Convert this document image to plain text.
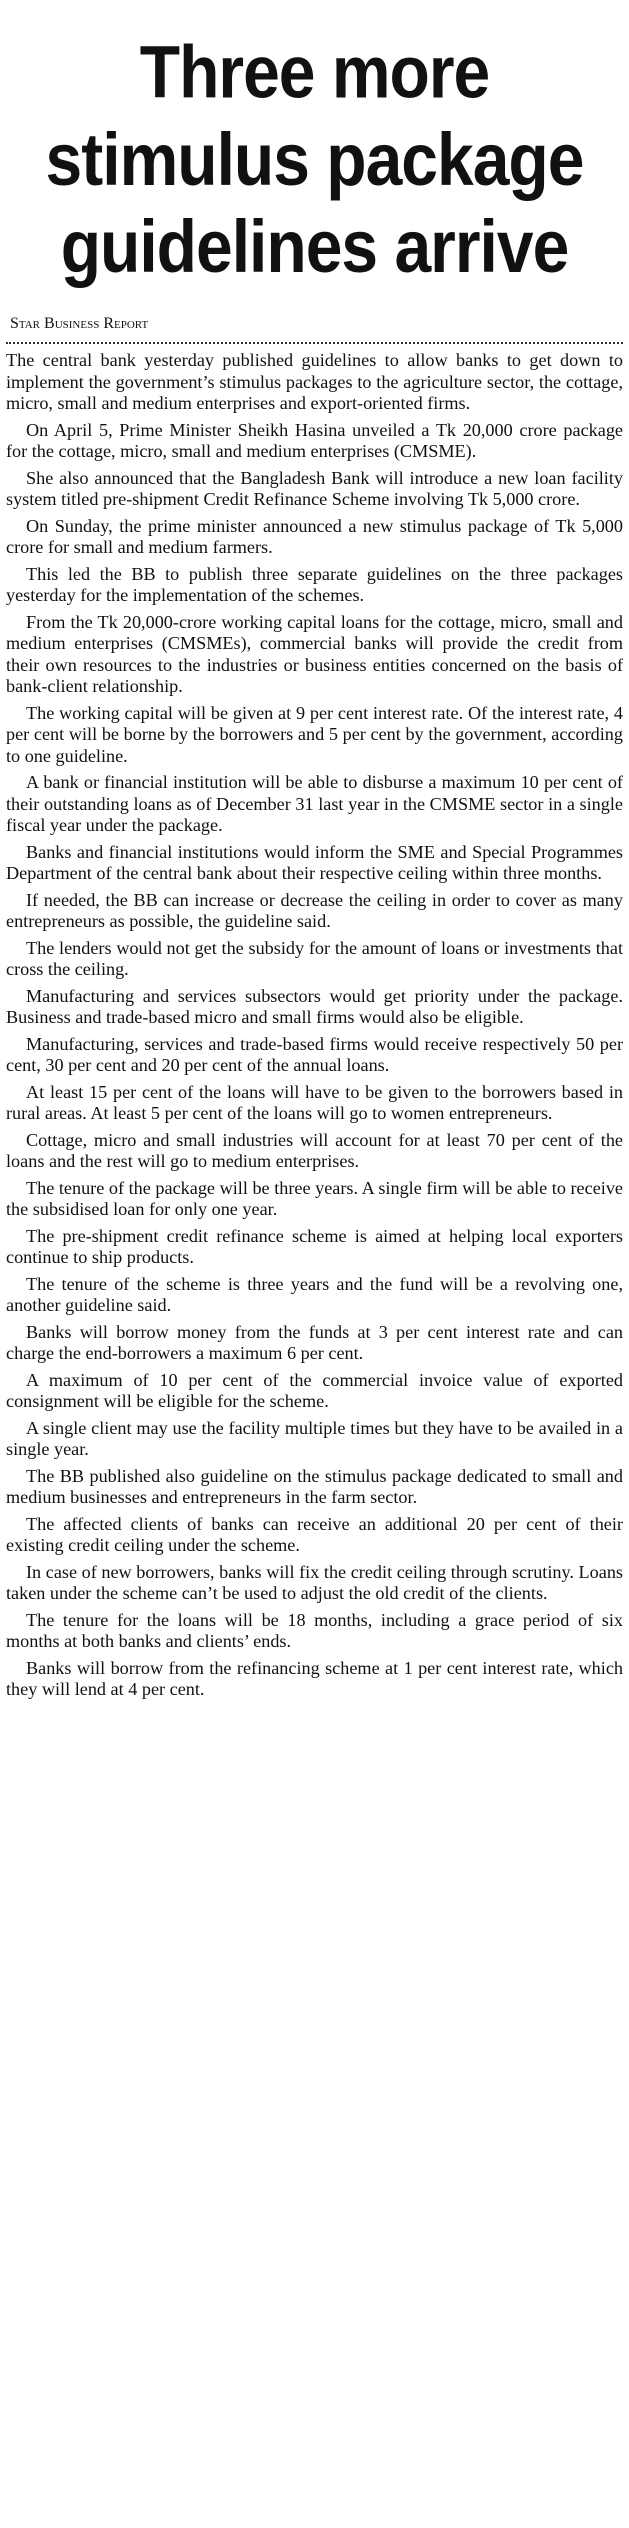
Three more stimulus package guidelines arrive
Star Business Report

The central bank yesterday published guidelines to allow banks to get down to implement the government’s stimulus packages to the agriculture sector, the cottage, micro, small and medium enterprises and export-oriented firms.

On April 5, Prime Minister Sheikh Hasina unveiled a Tk 20,000 crore package for the cottage, micro, small and medium enterprises (CMSME).

She also announced that the Bangladesh Bank will introduce a new loan facility system titled pre-shipment Credit Refinance Scheme involving Tk 5,000 crore.

On Sunday, the prime minister announced a new stimulus package of Tk 5,000 crore for small and medium farmers.

This led the BB to publish three separate guidelines on the three packages yesterday for the implementation of the schemes.

From the Tk 20,000-crore working capital loans for the cottage, micro, small and medium enterprises (CMSMEs), commercial banks will provide the credit from their own resources to the industries or business entities concerned on the basis of bank-client relationship.

The working capital will be given at 9 per cent interest rate. Of the interest rate, 4 per cent will be borne by the borrowers and 5 per cent by the government, according to one guideline.

A bank or financial institution will be able to disburse a maximum 10 per cent of their outstanding loans as of December 31 last year in the CMSME sector in a single fiscal year under the package.

Banks and financial institutions would inform the SME and Special Programmes Department of the central bank about their respective ceiling within three months.

If needed, the BB can increase or decrease the ceiling in order to cover as many entrepreneurs as possible, the guideline said.

The lenders would not get the subsidy for the amount of loans or investments that cross the ceiling.

Manufacturing and services subsectors would get priority under the package. Business and trade-based micro and small firms would also be eligible.

Manufacturing, services and trade-based firms would receive respectively 50 per cent, 30 per cent and 20 per cent of the annual loans.

At least 15 per cent of the loans will have to be given to the borrowers based in rural areas. At least 5 per cent of the loans will go to women entrepreneurs.

Cottage, micro and small industries will account for at least 70 per cent of the loans and the rest will go to medium enterprises.

The tenure of the package will be three years. A single firm will be able to receive the subsidised loan for only one year.

The pre-shipment credit refinance scheme is aimed at helping local exporters continue to ship products.

The tenure of the scheme is three years and the fund will be a revolving one, another guideline said.

Banks will borrow money from the funds at 3 per cent interest rate and can charge the end-borrowers a maximum 6 per cent.

A maximum of 10 per cent of the commercial invoice value of exported consignment will be eligible for the scheme.

A single client may use the facility multiple times but they have to be availed in a single year.

The BB published also guideline on the stimulus package dedicated to small and medium businesses and entrepreneurs in the farm sector.

The affected clients of banks can receive an additional 20 per cent of their existing credit ceiling under the scheme.

In case of new borrowers, banks will fix the credit ceiling through scrutiny. Loans taken under the scheme can’t be used to adjust the old credit of the clients.

The tenure for the loans will be 18 months, including a grace period of six months at both banks and clients’ ends.

Banks will borrow from the refinancing scheme at 1 per cent interest rate, which they will lend at 4 per cent.
